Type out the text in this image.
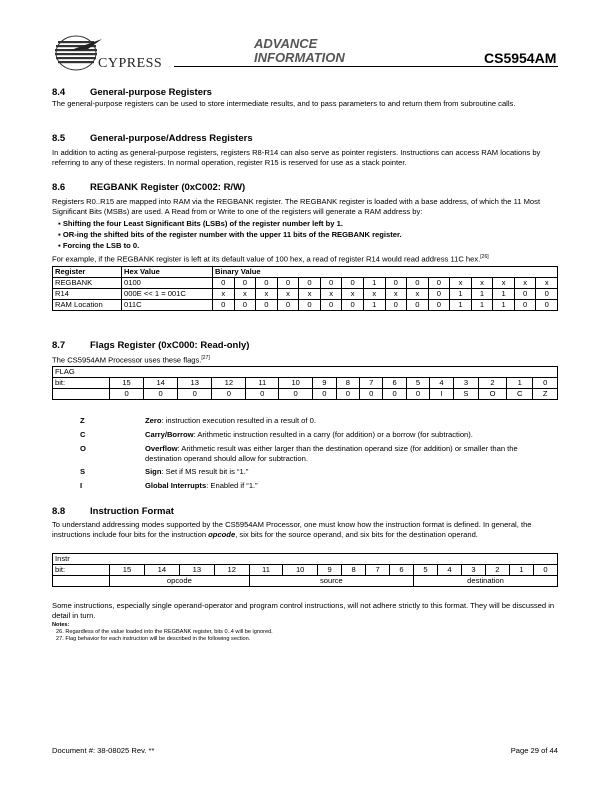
CYPRESS
ADVANCE
INFORMATION	CS5954AM
8.4	General-purpose Registers
The general-purpose registers can be used to store intermediate results, and to pass parameters to and return them from subroutine calls.
8.5	General-purpose/Address Registers
In addition to acting as general-purpose registers, registers R8-R14 can also serve as pointer registers. Instructions can access RAM locations by referring to any of these registers. In normal operation, register R15 is reserved for use as a stack pointer.
8.6	REGBANK Register (0xC002: R/W)
Registers R0..R15 are mapped into RAM via the REGBANK register. The REGBANK register is loaded with a base address, of which the 11 Most Significant Bits (MSBs) are used. A Read from or Write to one of the registers will generate a RAM address by:
▪ Shifting the four Least Significant Bits (LSBs) of the register number left by 1.
▪ OR-ing the shifted bits of the register number with the upper 11 bits of the REGBANK register.
▪ Forcing the LSB to 0.
For example, if the REGBANK register is left at its default value of 100 hex, a read of register R14 would read address 11C hex.[26]
Register	Hex Value	Binary Value															
REGBANK	0100	0	0	0	0	0	0	0	1	0	0	0	x	x	x	x	x
R14	000E << 1 = 001C	x	x	x	x	x	x	x	x	x	x	0	1	1	1	0	0
RAM Location	011C	0	0	0	0	0	0	0	1	0	0	0	1	1	1	0	0
8.7	Flags Register (0xC000: Read-only)
The CS5954AM Processor uses these flags.[27]
FLAG																
bit:	15	14	13	12	11	10	9	8	7	6	5	4	3	2	1	0
	0	0	0	0	0	0	0	0	0	0	0	I	S	O	C	Z
Z	Zero: instruction execution resulted in a result of 0.
C	Carry/Borrow: Arithmetic instruction resulted in a carry (for addition) or a borrow (for subtraction).
O	Overflow: Arithmetic result was either larger than the destination operand size (for addition) or smaller than the destination operand should allow for subtraction.
S	Sign: Set if MS result bit is “1.”
I	Global Interrupts: Enabled if “1.”
8.8	Instruction Format
To understand addressing modes supported by the CS5954AM Processor, one must know how the instruction format is defined. In general, the instructions include four bits for the instruction opcode, six bits for the source operand, and six bits for the destination operand.
Instr																
bit:	15	14	13	12	11	10	9	8	7	6	5	4	3	2	1	0
	opcode				source						destination					
Some instructions, especially single operand-operator and program control instructions, will not adhere strictly to this format. They will be discussed in detail in turn.
Notes:
26. Regardless of the value loaded into the REGBANK register, bits 0..4 will be ignored.
27. Flag behavior for each instruction will be described in the following section.
Document #: 38-08025 Rev. **	Page 29 of 44
